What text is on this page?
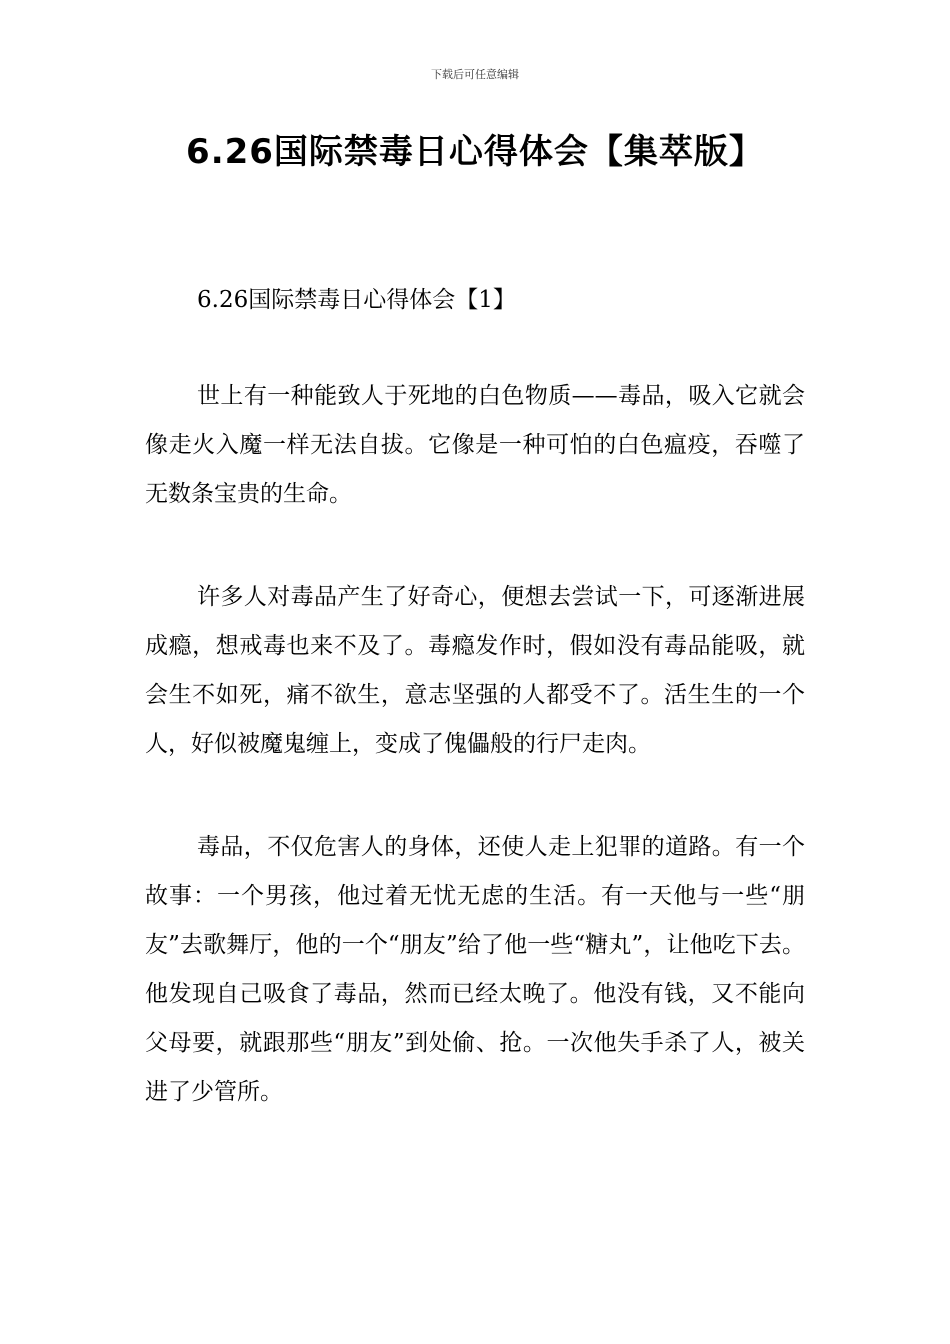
下载后可任意编辑
6.26国际禁毒日心得体会【集萃版】

6.26国际禁毒日心得体会【1】

世上有一种能致人于死地的白色物质——毒品，吸入它就会像走火入魔一样无法自拔。它像是一种可怕的白色瘟疫，吞噬了无数条宝贵的生命。

许多人对毒品产生了好奇心，便想去尝试一下，可逐渐进展成瘾，想戒毒也来不及了。毒瘾发作时，假如没有毒品能吸，就会生不如死，痛不欲生，意志坚强的人都受不了。活生生的一个人，好似被魔鬼缠上，变成了傀儡般的行尸走肉。

毒品，不仅危害人的身体，还使人走上犯罪的道路。有一个故事：一个男孩，他过着无忧无虑的生活。有一天他与一些“朋友”去歌舞厅，他的一个“朋友”给了他一些“糖丸”，让他吃下去。他发现自己吸食了毒品，然而已经太晚了。他没有钱，又不能向父母要，就跟那些“朋友”到处偷、抢。一次他失手杀了人，被关进了少管所。
